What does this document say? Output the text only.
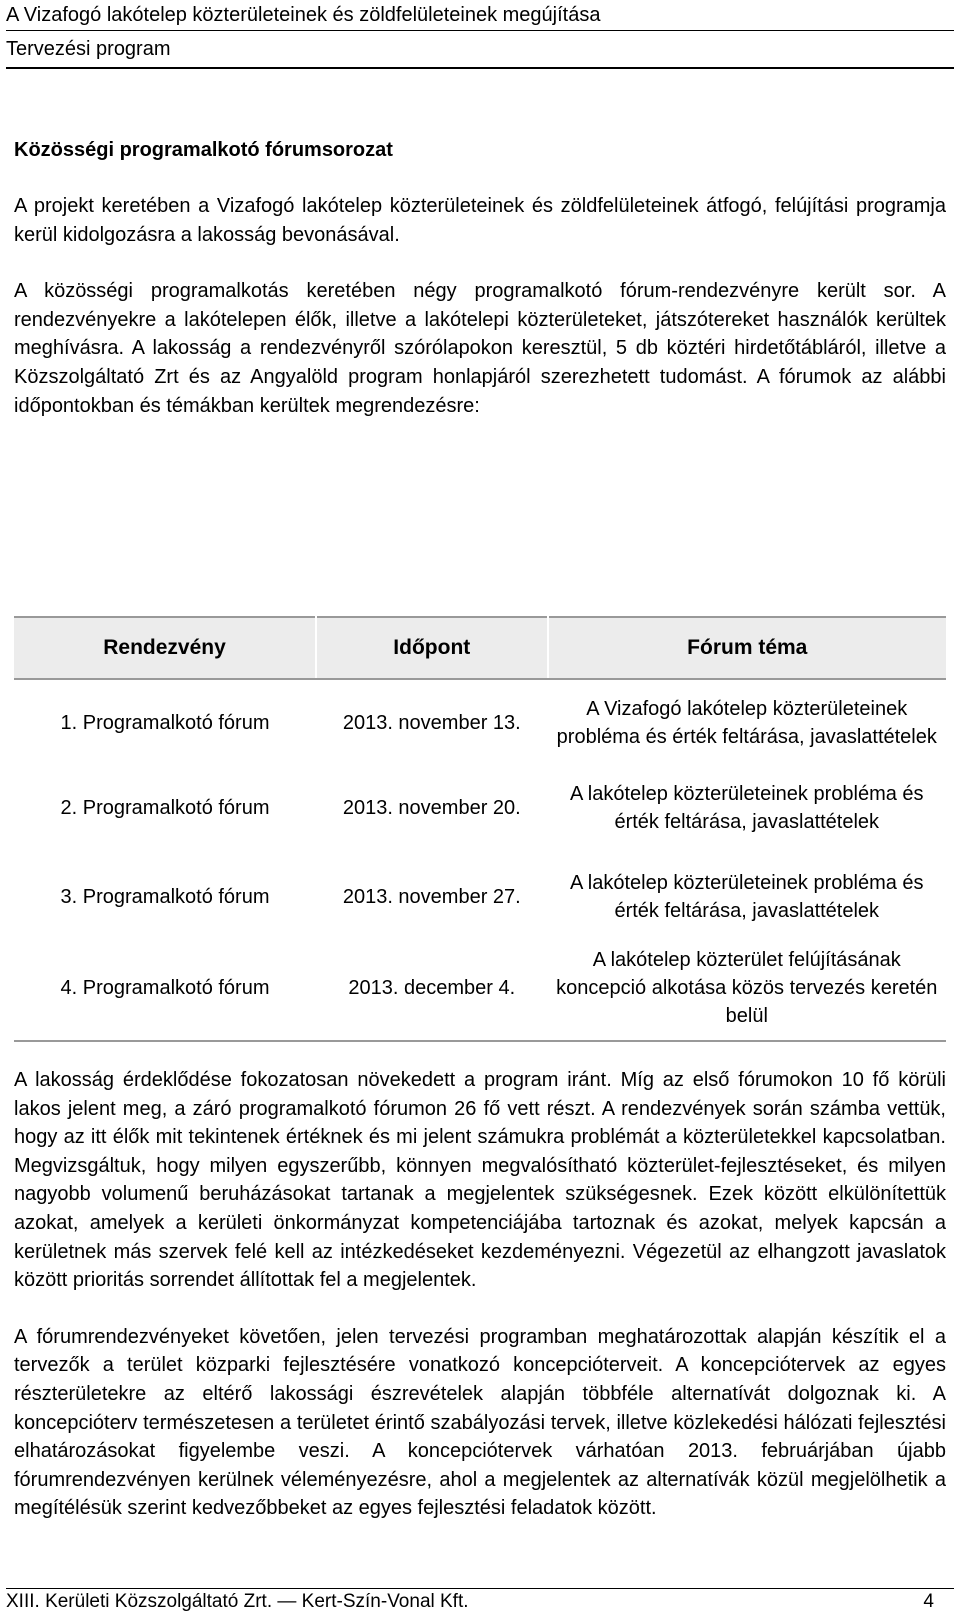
A Vizafogó lakótelep közterületeinek és zöldfelületeinek megújítása
Tervezési program
Közösségi programalkotó fórumsorozat

A projekt keretében a Vizafogó lakótelep közterületeinek és zöldfelületeinek átfogó, felújítási programja kerül kidolgozásra a lakosság bevonásával.

A közösségi programalkotás keretében négy programalkotó fórum-rendezvényre került sor. A rendezvényekre a lakótelepen élők, illetve a lakótelepi közterületeket, játszótereket használók kerültek meghívásra. A lakosság a rendezvényről szórólapokon keresztül, 5 db köztéri hirdetőtábláról, illetve a Közszolgáltató Zrt és az Angyalöld program honlapjáról szerezhetett tudomást. A fórumok az alábbi időpontokban és témákban kerültek megrendezésre:

Rendezvény	Időpont	Fórum téma
1. Programalkotó fórum	2013. november 13.	A Vizafogó lakótelep közterületeinek probléma és érték feltárása, javaslattételek
2. Programalkotó fórum	2013. november 20.	A lakótelep közterületeinek probléma és érték feltárása, javaslattételek
3. Programalkotó fórum	2013. november 27.	A lakótelep közterületeinek probléma és érték feltárása, javaslattételek
4. Programalkotó fórum	2013. december 4.	A lakótelep közterület felújításának koncepció alkotása közös tervezés keretén belül

A lakosság érdeklődése fokozatosan növekedett a program iránt. Míg az első fórumokon 10 fő körüli lakos jelent meg, a záró programalkotó fórumon 26 fő vett részt. A rendezvények során számba vettük, hogy az itt élők mit tekintenek értéknek és mi jelent számukra problémát a közterületekkel kapcsolatban. Megvizsgáltuk, hogy milyen egyszerűbb, könnyen megvalósítható közterület-fejlesztéseket, és milyen nagyobb volumenű beruházásokat tartanak a megjelentek szükségesnek. Ezek között elkülönítettük azokat, amelyek a kerületi önkormányzat kompetenciájába tartoznak és azokat, melyek kapcsán a kerületnek más szervek felé kell az intézkedéseket kezdeményezni. Végezetül az elhangzott javaslatok között prioritás sorrendet állítottak fel a megjelentek.

A fórumrendezvényeket követően, jelen tervezési programban meghatározottak alapján készítik el a tervezők a terület közparki fejlesztésére vonatkozó koncepcióterveit. A koncepciótervek az egyes részterületekre az eltérő lakossági észrevételek alapján többféle alternatívát dolgoznak ki. A koncepcióterv természetesen a területet érintő szabályozási tervek, illetve közlekedési hálózati fejlesztési elhatározásokat figyelembe veszi. A koncepciótervek várhatóan 2013. februárjában újabb fórumrendezvényen kerülnek véleményezésre, ahol a megjelentek az alternatívák közül megjelölhetik a megítélésük szerint kedvezőbbeket az egyes fejlesztési feladatok között.

XIII. Kerületi Közszolgáltató Zrt. — Kert-Szín-Vonal Kft.	4
